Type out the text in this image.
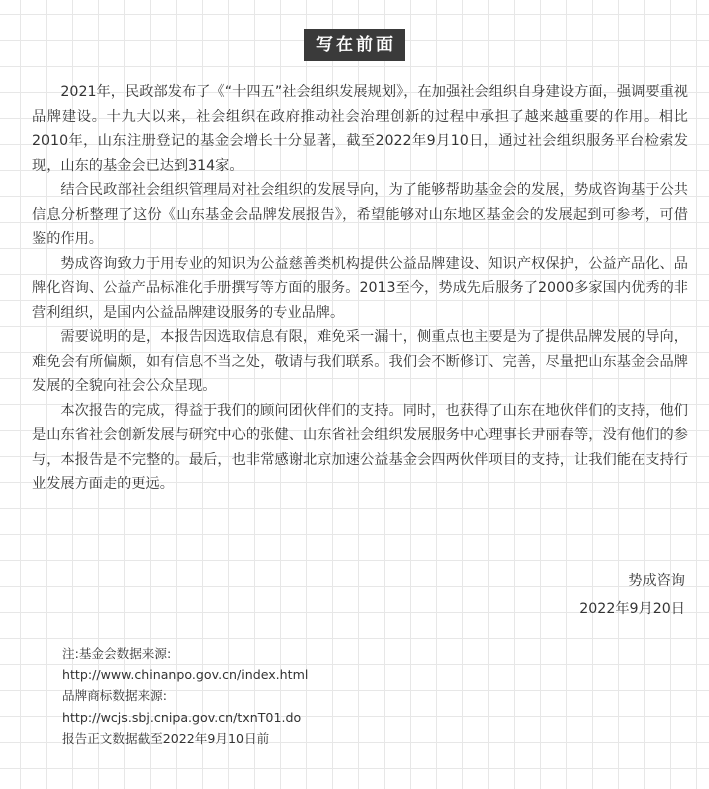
写在前面

2021年，民政部发布了《“十四五”社会组织发展规划》，在加强社会组织自身建设方面，强调要重视品牌建设。十九大以来，社会组织在政府推动社会治理创新的过程中承担了越来越重要的作用。相比2010年，山东注册登记的基金会增长十分显著，截至2022年9月10日，通过社会组织服务平台检索发现，山东的基金会已达到314家。

结合民政部社会组织管理局对社会组织的发展导向，为了能够帮助基金会的发展，势成咨询基于公共信息分析整理了这份《山东基金会品牌发展报告》，希望能够对山东地区基金会的发展起到可参考，可借鉴的作用。

势成咨询致力于用专业的知识为公益慈善类机构提供公益品牌建设、知识产权保护，公益产品化、品牌化咨询、公益产品标准化手册撰写等方面的服务。2013至今，势成先后服务了2000多家国内优秀的非营利组织，是国内公益品牌建设服务的专业品牌。

需要说明的是，本报告因选取信息有限，难免采一漏十，侧重点也主要是为了提供品牌发展的导向，难免会有所偏颇，如有信息不当之处，敬请与我们联系。我们会不断修订、完善，尽量把山东基金会品牌发展的全貌向社会公众呈现。

本次报告的完成，得益于我们的顾问团伙伴们的支持。同时，也获得了山东在地伙伴们的支持，他们是山东省社会创新发展与研究中心的张健、山东省社会组织发展服务中心理事长尹丽春等，没有他们的参与，本报告是不完整的。最后，也非常感谢北京加速公益基金会四两伙伴项目的支持，让我们能在支持行业发展方面走的更远。

势成咨询
2022年9月20日
注:基金会数据来源:
http://www.chinanpo.gov.cn/index.html
品牌商标数据来源:
http://wcjs.sbj.cnipa.gov.cn/txnT01.do
报告正文数据截至2022年9月10日前
